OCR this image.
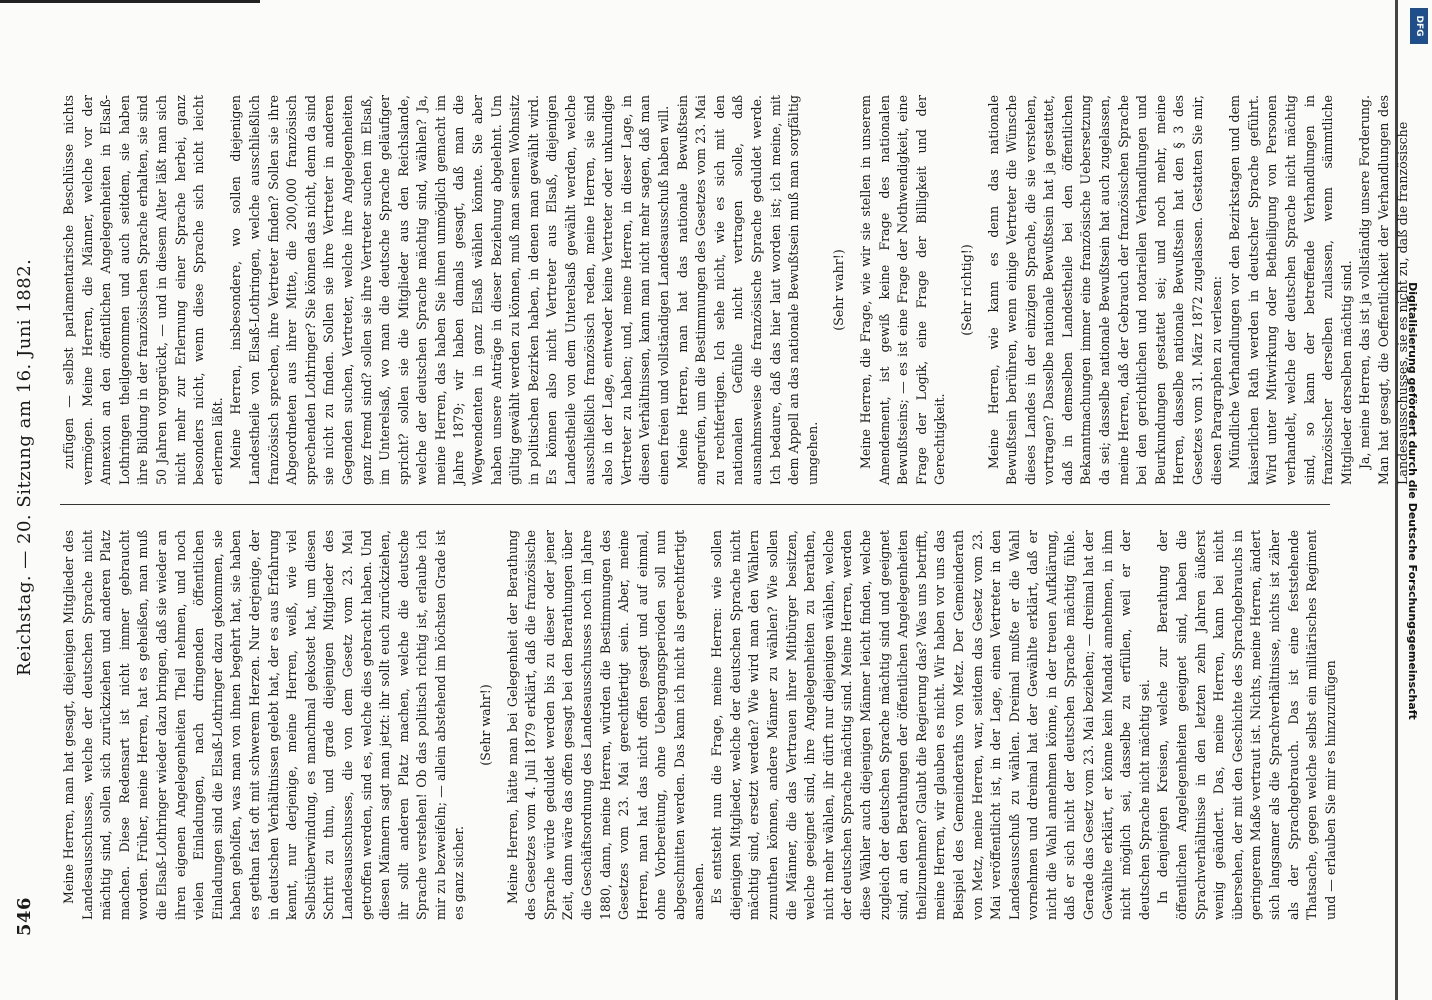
546
Reichstag. — 20. Sitzung am 16. Juni 1882.

Meine Herren, man hat gesagt, diejenigen Mitglieder des Landesausschusses, welche der deutschen Sprache nicht mächtig sind, sollen sich zurückziehen und anderen Platz machen. Diese Redensart ist nicht immer gebraucht worden. Früher, meine Herren, hat es geheißen, man muß die Elsaß-Lothringer wieder dazu bringen, daß sie wieder an ihren eigenen Angelegenheiten Theil nehmen, und noch vielen Einladungen, nach dringenden öffentlichen Einladungen sind die Elsaß-Lothringer dazu gekommen, sie haben geholfen, was man von ihnen begehrt hat, sie haben es gethan fast oft mit schwerem Herzen. Nur derjenige, der in deutschen Verhältnissen gelebt hat, der es aus Erfahrung kennt, nur derjenige, meine Herren, weiß, wie viel Selbstüberwindung, es manchmal gekostet hat, um diesen Schritt zu thun, und grade diejenigen Mitglieder des Landesausschusses, die von dem Gesetz vom 23. Mai getroffen werden, sind es, welche dies gebracht haben. Und diesen Männern sagt man jetzt: ihr sollt euch zurückziehen, ihr sollt anderen Platz machen, welche die deutsche Sprache verstehen! Ob das politisch richtig ist, erlaube ich mir zu bezweifeln; — allein abstehend im höchsten Grade ist es ganz sicher.

(Sehr wahr!) Meine Herren, hätte man bei Gelegenheit der Berathung des Gesetzes vom 4. Juli 1879 erklärt, daß die französische Sprache würde geduldet werden bis zu dieser oder jener Zeit, dann wäre das offen gesagt bei den Berathungen über die Geschäftsordnung des Landesausschusses noch im Jahre 1880, dann, meine Herren, würden die Bestimmungen des Gesetzes vom 23. Mai gerechtfertigt sein. Aber, meine Herren, man hat das nicht offen gesagt und auf einmal, ohne Vorbereitung, ohne Uebergangsperioden soll nun abgeschnitten werden. Das kann ich nicht als gerechtfertigt ansehen. Es entsteht nun die Frage, meine Herren: wie sollen diejenigen Mitglieder, welche der deutschen Sprache nicht mächtig sind, ersetzt werden? Wie wird man den Wählern zumuthen können, andere Männer zu wählen? Wie sollen die Männer, die das Vertrauen ihrer Mitbürger besitzen, welche geeignet sind, ihre Angelegenheiten zu berathen, nicht mehr wählen, ihr dürft nur diejenigen wählen, welche der deutschen Sprache mächtig sind. Meine Herren, werden diese Wähler auch diejenigen Männer leicht finden, welche zugleich der deutschen Sprache mächtig sind und geeignet sind, an den Berathungen der öffentlichen Angelegenheiten theilzunehmen? Glaubt die Regierung das? Was uns betrifft, meine Herren, wir glauben es nicht. Wir haben vor uns das Beispiel des Gemeinderaths von Metz. Der Gemeinderath von Metz, meine Herren, war, seitdem das Gesetz vom 23. Mai veröffentlicht ist, in der Lage, einen Vertreter in den Landesausschuß zu wählen. Dreimal mußte er die Wahl vornehmen und dreimal hat der Gewählte erklärt, daß er nicht die Wahl annehmen könne, in der treuen Aufklärung, daß er sich nicht der deutschen Sprache mächtig fühle. Gerade das Gesetz vom 23. Mai beziehen; — dreimal hat der Gewählte erklärt, er könne kein Mandat annehmen, in ihm nicht möglich sei, dasselbe zu erfüllen, weil er der deutschen Sprache nicht mächtig sei. In denjenigen Kreisen, welche zur Berathung der öffentlichen Angelegenheiten geeignet sind, haben die Sprachverhältnisse in den letzten zehn Jahren äußerst wenig geändert. Das, meine Herren, kann bei nicht übersehen, der mit den Geschichte des Sprachgebrauchs in geringerem Maße vertraut ist. Nichts, meine Herren, ändert sich langsamer als die Sprachverhältnisse, nichts ist zäher als der Sprachgebrauch. Das ist eine feststehende Thatsache, gegen welche selbst ein militärisches Regiment und — erlauben Sie mir es hinzuzufügen

zufügen — selbst parlamentarische Beschlüsse nichts vermögen. Meine Herren, die Männer, welche vor der Annexion an den öffentlichen Angelegenheiten in Elsaß-Lothringen theilgenommen und auch seitdem, sie haben ihre Bildung in der französischen Sprache erhalten, sie sind 50 Jahren vorgerückt, — und in diesem Alter läßt man sich nicht mehr zur Erlernung einer Sprache herbei, ganz besonders nicht, wenn diese Sprache sich nicht leicht erlernen läßt. Meine Herren, insbesondere, wo sollen diejenigen Landestheile von Elsaß-Lothringen, welche ausschließlich französisch sprechen, ihre Vertreter finden? Sollen sie ihre Abgeordneten aus ihrer Mitte, die 200,000 französisch sprechenden Lothringer? Sie können das nicht, denn da sind sie nicht zu finden. Sollen sie ihre Vertreter in anderen Gegenden suchen, Vertreter, welche ihre Angelegenheiten ganz fremd sind? sollen sie ihre Vertreter suchen im Elsaß, im Unterelsaß, wo man die deutsche Sprache geläufiger spricht? sollen sie die Mitglieder aus den Reichslande, welche der deutschen Sprache mächtig sind, wählen? Ja, meine Herren, das haben Sie ihnen unmöglich gemacht im Jahre 1879; wir haben damals gesagt, daß man die Wegwendenten in ganz Elsaß wählen könnte. Sie aber haben unsere Anträge in dieser Beziehung abgelehnt. Um gültig gewählt werden zu können, muß man seinen Wohnsitz in politischen Bezirken haben, in denen man gewählt wird. Es können also nicht Vertreter aus Elsaß, diejenigen Landestheile von dem Unterelsaß gewählt werden, welche ausschließlich französisch reden, meine Herren, sie sind also in der Lage, entweder keine Vertreter oder unkundige Vertreter zu haben; und, meine Herren, in dieser Lage, in diesen Verhältnissen, kann man nicht mehr sagen, daß man einen freien und vollständigen Landesausschuß haben will. Meine Herren, man hat das nationale Bewußtsein angerufen, um die Bestimmungen des Gesetzes vom 23. Mai zu rechtfertigen. Ich sehe nicht, wie es sich mit den nationalen Gefühle nicht vertragen solle, daß ausnahmsweise die französische Sprache geduldet werde. Ich bedaure, daß das hier laut worden ist; ich meine, mit dem Appell an das nationale Bewußtsein muß man sorgfältig umgehen.

(Sehr wahr!) Meine Herren, die Frage, wie wir sie stellen in unserem Amendement, ist gewiß keine Frage des nationalen Bewußtseins; — es ist eine Frage der Nothwendigkeit, eine Frage der Logik, eine Frage der Billigkeit und der Gerechtigkeit.

(Sehr richtig!) Meine Herren, wie kann es denn das nationale Bewußtsein berühren, wenn einige Vertreter die Wünsche dieses Landes in der einzigen Sprache, die sie verstehen, vortragen? Dasselbe nationale Bewußtsein hat ja gestattet, daß in demselben Landestheile bei den öffentlichen Bekanntmachungen immer eine französische Uebersetzung da sei; dasselbe nationale Bewußtsein hat auch zugelassen, meine Herren, daß der Gebrauch der französischen Sprache bei den gerichtlichen und notariellen Verhandlungen und Beurkundungen gestattet sei; und noch mehr, meine Herren, dasselbe nationale Bewußtsein hat den § 3 des Gesetzes vom 31. März 1872 zugelassen. Gestatten Sie mir, diesen Paragraphen zu verlesen: Mündliche Verhandlungen vor den Bezirkstagen und dem kaiserlichen Rath werden in deutscher Sprache geführt. Wird unter Mitwirkung oder Betheiligung von Personen verhandelt, welche der deutschen Sprache nicht mächtig sind, so kann der betreffende Verhandlungen in französischer derselben zulassen, wenn sämmtliche Mitglieder derselben mächtig sind. Ja, meine Herren, das ist ja vollständig unsere Forderung. Man hat gesagt, die Oeffentlichkeit der Verhandlungen des Landesausschusses, sie es nicht zu, daß die französische

Digitalisierung gefördert durch die Deutsche Forschungsgemeinschaft
DFG
